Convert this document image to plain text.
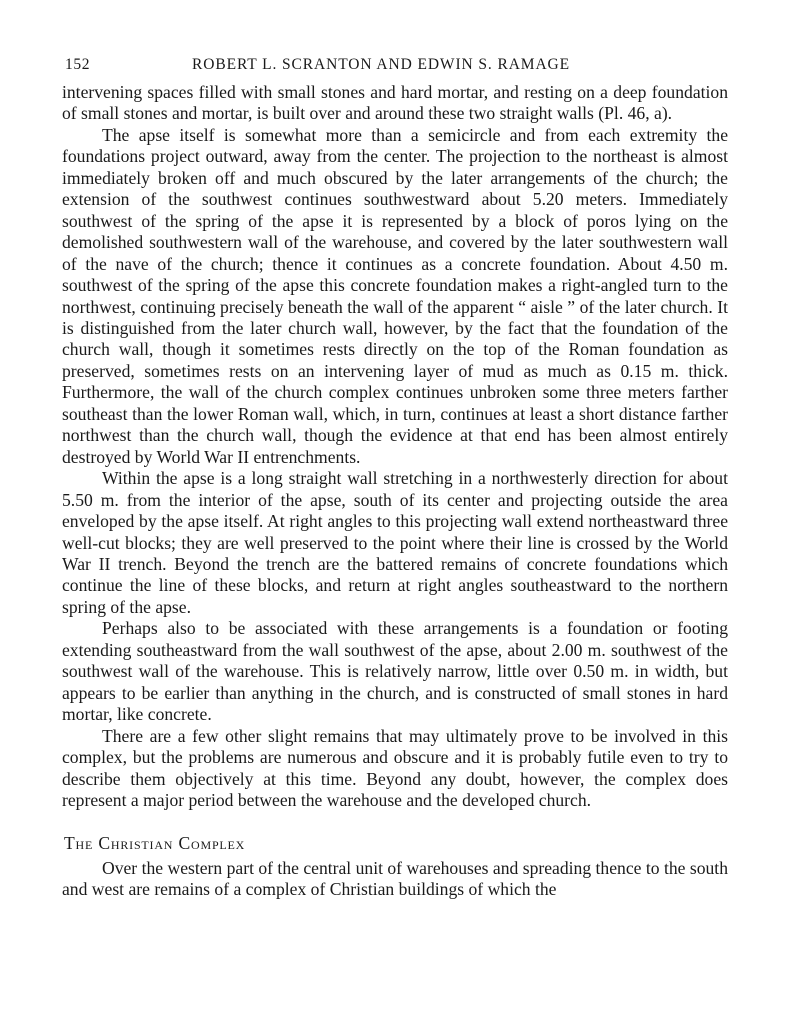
152	ROBERT L. SCRANTON AND EDWIN S. RAMAGE

intervening spaces filled with small stones and hard mortar, and resting on a deep foundation of small stones and mortar, is built over and around these two straight walls (Pl. 46, a).

The apse itself is somewhat more than a semicircle and from each extremity the foundations project outward, away from the center. The projection to the northeast is almost immediately broken off and much obscured by the later arrangements of the church; the extension of the southwest continues southwestward about 5.20 meters. Immediately southwest of the spring of the apse it is represented by a block of poros lying on the demolished southwestern wall of the warehouse, and covered by the later southwestern wall of the nave of the church; thence it continues as a concrete foundation. About 4.50 m. southwest of the spring of the apse this concrete foundation makes a right-angled turn to the northwest, continuing precisely beneath the wall of the apparent “ aisle ” of the later church. It is distinguished from the later church wall, however, by the fact that the foundation of the church wall, though it sometimes rests directly on the top of the Roman foundation as preserved, sometimes rests on an intervening layer of mud as much as 0.15 m. thick. Furthermore, the wall of the church complex continues unbroken some three meters farther southeast than the lower Roman wall, which, in turn, continues at least a short distance farther northwest than the church wall, though the evidence at that end has been almost entirely destroyed by World War II entrenchments.

Within the apse is a long straight wall stretching in a northwesterly direction for about 5.50 m. from the interior of the apse, south of its center and projecting outside the area enveloped by the apse itself. At right angles to this projecting wall extend northeastward three well-cut blocks; they are well preserved to the point where their line is crossed by the World War II trench. Beyond the trench are the battered remains of concrete foundations which continue the line of these blocks, and return at right angles southeastward to the northern spring of the apse.

Perhaps also to be associated with these arrangements is a foundation or footing extending southeastward from the wall southwest of the apse, about 2.00 m. southwest of the southwest wall of the warehouse. This is relatively narrow, little over 0.50 m. in width, but appears to be earlier than anything in the church, and is constructed of small stones in hard mortar, like concrete.

There are a few other slight remains that may ultimately prove to be involved in this complex, but the problems are numerous and obscure and it is probably futile even to try to describe them objectively at this time. Beyond any doubt, however, the complex does represent a major period between the warehouse and the developed church.

The Christian Complex

Over the western part of the central unit of warehouses and spreading thence to the south and west are remains of a complex of Christian buildings of which the
